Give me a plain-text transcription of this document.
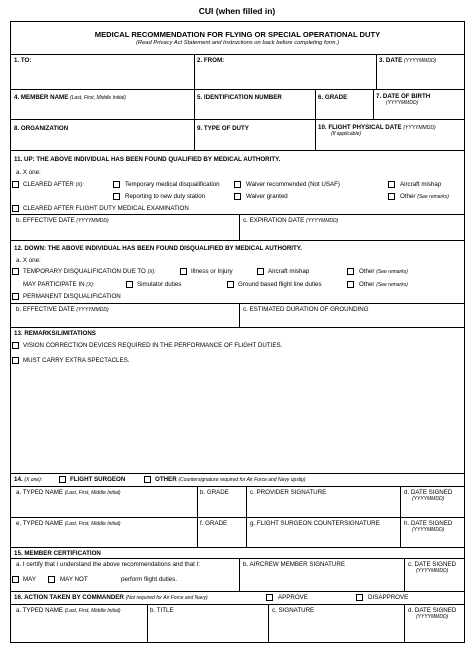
CUI (when filled in)
MEDICAL RECOMMENDATION FOR FLYING OR SPECIAL OPERATIONAL DUTY
(Read Privacy Act Statement and Instructions on back before completing form.)
1. TO:	2. FROM:	3. DATE (YYYYMMDD)
4. MEMBER NAME (Last, First, Middle Initial)	5. IDENTIFICATION NUMBER	6. GRADE	7. DATE OF BIRTH
(YYYYMMDD)
8. ORGANIZATION	9. TYPE OF DUTY	10. FLIGHT PHYSICAL DATE (YYYYMMDD)
(If applicable)
11. UP: THE ABOVE INDIVIDUAL HAS BEEN FOUND QUALIFIED BY MEDICAL AUTHORITY.
a. X one:
CLEARED AFTER (X):	Temporary medical disqualification	Waiver recommended (Not USAF)	Aircraft mishap
Reporting to new duty station	Waiver granted	Other (See remarks)
CLEARED AFTER FLIGHT DUTY MEDICAL EXAMINATION
b. EFFECTIVE DATE (YYYYMMDD)	c. EXPIRATION DATE (YYYYMMDD)
12. DOWN: THE ABOVE INDIVIDUAL HAS BEEN FOUND DISQUALIFIED BY MEDICAL AUTHORITY.
a. X one:
TEMPORARY DISQUALIFICATION DUE TO (X):	Illness or Injury	Aircraft mishap	Other (See remarks)
MAY PARTICIPATE IN (X):	Simulator duties	Ground based flight line duties	Other (See remarks)
PERMANENT DISQUALIFICATION
b. EFFECTIVE DATE (YYYYMMDD)	c. ESTIMATED DURATION OF GROUNDING
13. REMARKS/LIMITATIONS
VISION CORRECTION DEVICES REQUIRED IN THE PERFORMANCE OF FLIGHT DUTIES.
MUST CARRY EXTRA SPECTACLES.
14. (X one):	FLIGHT SURGEON	OTHER (Countersignature required for Air Force and Navy upslip)
a. TYPED NAME (Last, First, Middle Initial)	b. GRADE	c. PROVIDER SIGNATURE	d. DATE SIGNED
(YYYYMMDD)
e. TYPED NAME (Last, First, Middle Initial)	f. GRADE	g. FLIGHT SURGEON COUNTERSIGNATURE	h. DATE SIGNED
(YYYYMMDD)
15. MEMBER CERTIFICATION
a. I certify that I understand the above recommendations and that I:	b. AIRCREW MEMBER SIGNATURE	c. DATE SIGNED
(YYYYMMDD)
MAY	MAY NOT	perform flight duties.
16. ACTION TAKEN BY COMMANDER (Not required for Air Force and Navy)	APPROVE	DISAPPROVE
a. TYPED NAME (Last, First, Middle Initial)	b. TITLE	c. SIGNATURE	d. DATE SIGNED
(YYYYMMDD)
